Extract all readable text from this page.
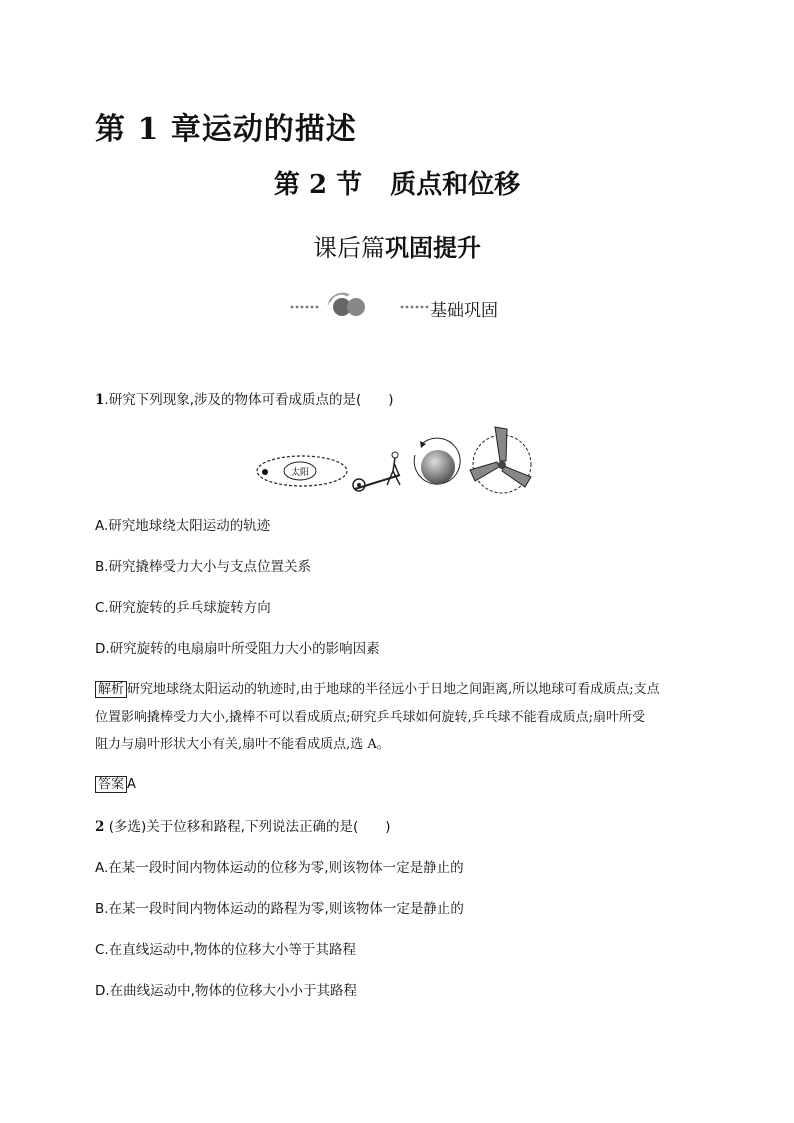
第 1 章运动的描述
第 2 节 质点和位移
课后篇巩固提升
基础巩固
1.研究下列现象,涉及的物体可看成质点的是(　　)
太阳
A.研究地球绕太阳运动的轨迹
B.研究撬棒受力大小与支点位置关系
C.研究旋转的乒乓球旋转方向
D.研究旋转的电扇扇叶所受阻力大小的影响因素
解析 研究地球绕太阳运动的轨迹时,由于地球的半径远小于日地之间距离,所以地球可看成质点;支点
位置影响撬棒受力大小,撬棒不可以看成质点;研究乒乓球如何旋转,乒乓球不能看成质点;扇叶所受
阻力与扇叶形状大小有关,扇叶不能看成质点,选 A。
答案 A
2 (多选)关于位移和路程,下列说法正确的是(　　)
A.在某一段时间内物体运动的位移为零,则该物体一定是静止的
B.在某一段时间内物体运动的路程为零,则该物体一定是静止的
C.在直线运动中,物体的位移大小等于其路程
D.在曲线运动中,物体的位移大小小于其路程
